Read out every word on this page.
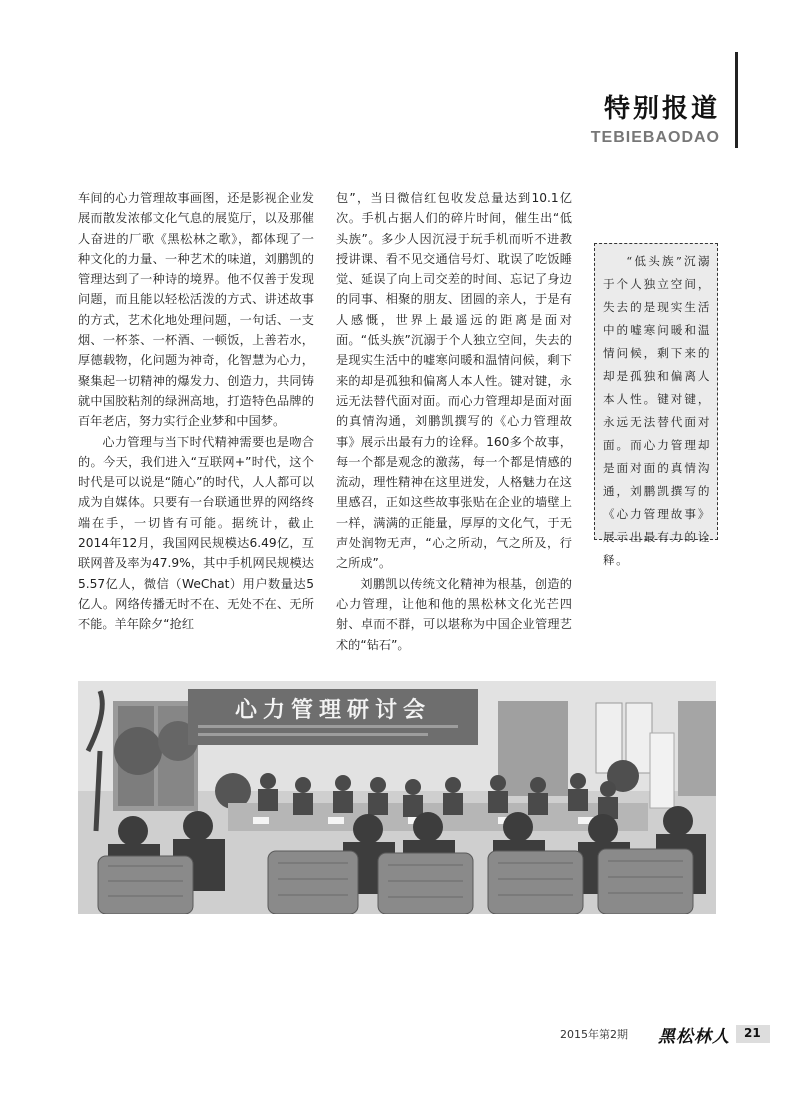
特别报道
TEBIEBAODAO

车间的心力管理故事画图，还是影视企业发展而散发浓郁文化气息的展览厅，以及那催人奋进的厂歌《黑松林之歌》，都体现了一种文化的力量、一种艺术的味道，刘鹏凯的管理达到了一种诗的境界。他不仅善于发现问题，而且能以轻松活泼的方式、讲述故事的方式，艺术化地处理问题，一句话、一支烟、一杯茶、一杯酒、一顿饭，上善若水，厚德载物，化问题为神奇，化智慧为心力，聚集起一切精神的爆发力、创造力，共同铸就中国胶粘剂的绿洲高地，打造特色品牌的百年老店，努力实行企业梦和中国梦。

心力管理与当下时代精神需要也是吻合的。今天，我们进入“互联网+”时代，这个时代是可以说是“随心”的时代，人人都可以成为自媒体。只要有一台联通世界的网络终端在手，一切皆有可能。据统计，截止2014年12月，我国网民规模达6.49亿，互联网普及率为47.9%，其中手机网民规模达5.57亿人，微信（WeChat）用户数量达5亿人。网络传播无时不在、无处不在、无所不能。羊年除夕“抢红

包”，当日微信红包收发总量达到10.1亿次。手机占据人们的碎片时间，催生出“低头族”。多少人因沉浸于玩手机而听不进教授讲课、看不见交通信号灯、耽误了吃饭睡觉、延误了向上司交差的时间、忘记了身边的同事、相聚的朋友、团圆的亲人，于是有人感慨，世界上最遥远的距离是面对面。“低头族”沉溺于个人独立空间，失去的是现实生活中的嘘寒问暖和温情问候，剩下来的却是孤独和偏离人本人性。键对键，永远无法替代面对面。而心力管理却是面对面的真情沟通，刘鹏凯撰写的《心力管理故事》展示出最有力的诠释。160多个故事，每一个都是观念的激荡，每一个都是情感的流动，理性精神在这里迸发，人格魅力在这里感召，正如这些故事张贴在企业的墙壁上一样，满满的正能量，厚厚的文化气，于无声处润物无声，“心之所动，气之所及，行之所成”。

刘鹏凯以传统文化精神为根基，创造的心力管理，让他和他的黑松林文化光芒四射、卓而不群，可以堪称为中国企业管理艺术的“钻石”。

“低头族”沉溺于个人独立空间，失去的是现实生活中的嘘寒问暖和温情问候，剩下来的却是孤独和偏离人本人性。键对键，永远无法替代面对面。而心力管理却是面对面的真情沟通，刘鹏凯撰写的《心力管理故事》展示出最有力的诠释。
心力管理研讨会
2015年第2期 黑松林人 21
